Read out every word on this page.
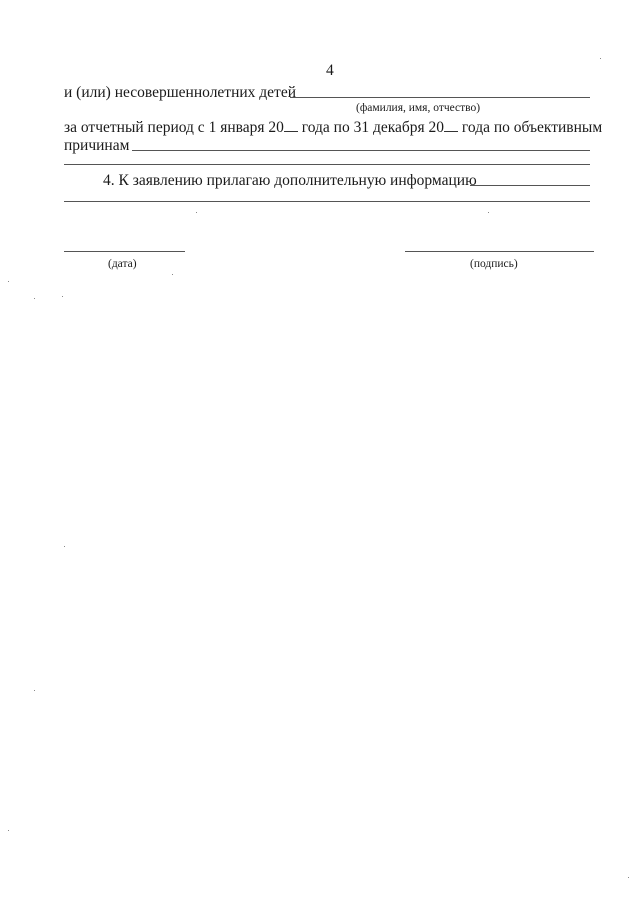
4
и (или) несовершеннолетних детей
(фамилия, имя, отчество)
за отчетный период с 1 января 20 года по 31 декабря 20 года по объективным
причинам
4. К заявлению прилагаю дополнительную информацию
(дата)	(подпись)
